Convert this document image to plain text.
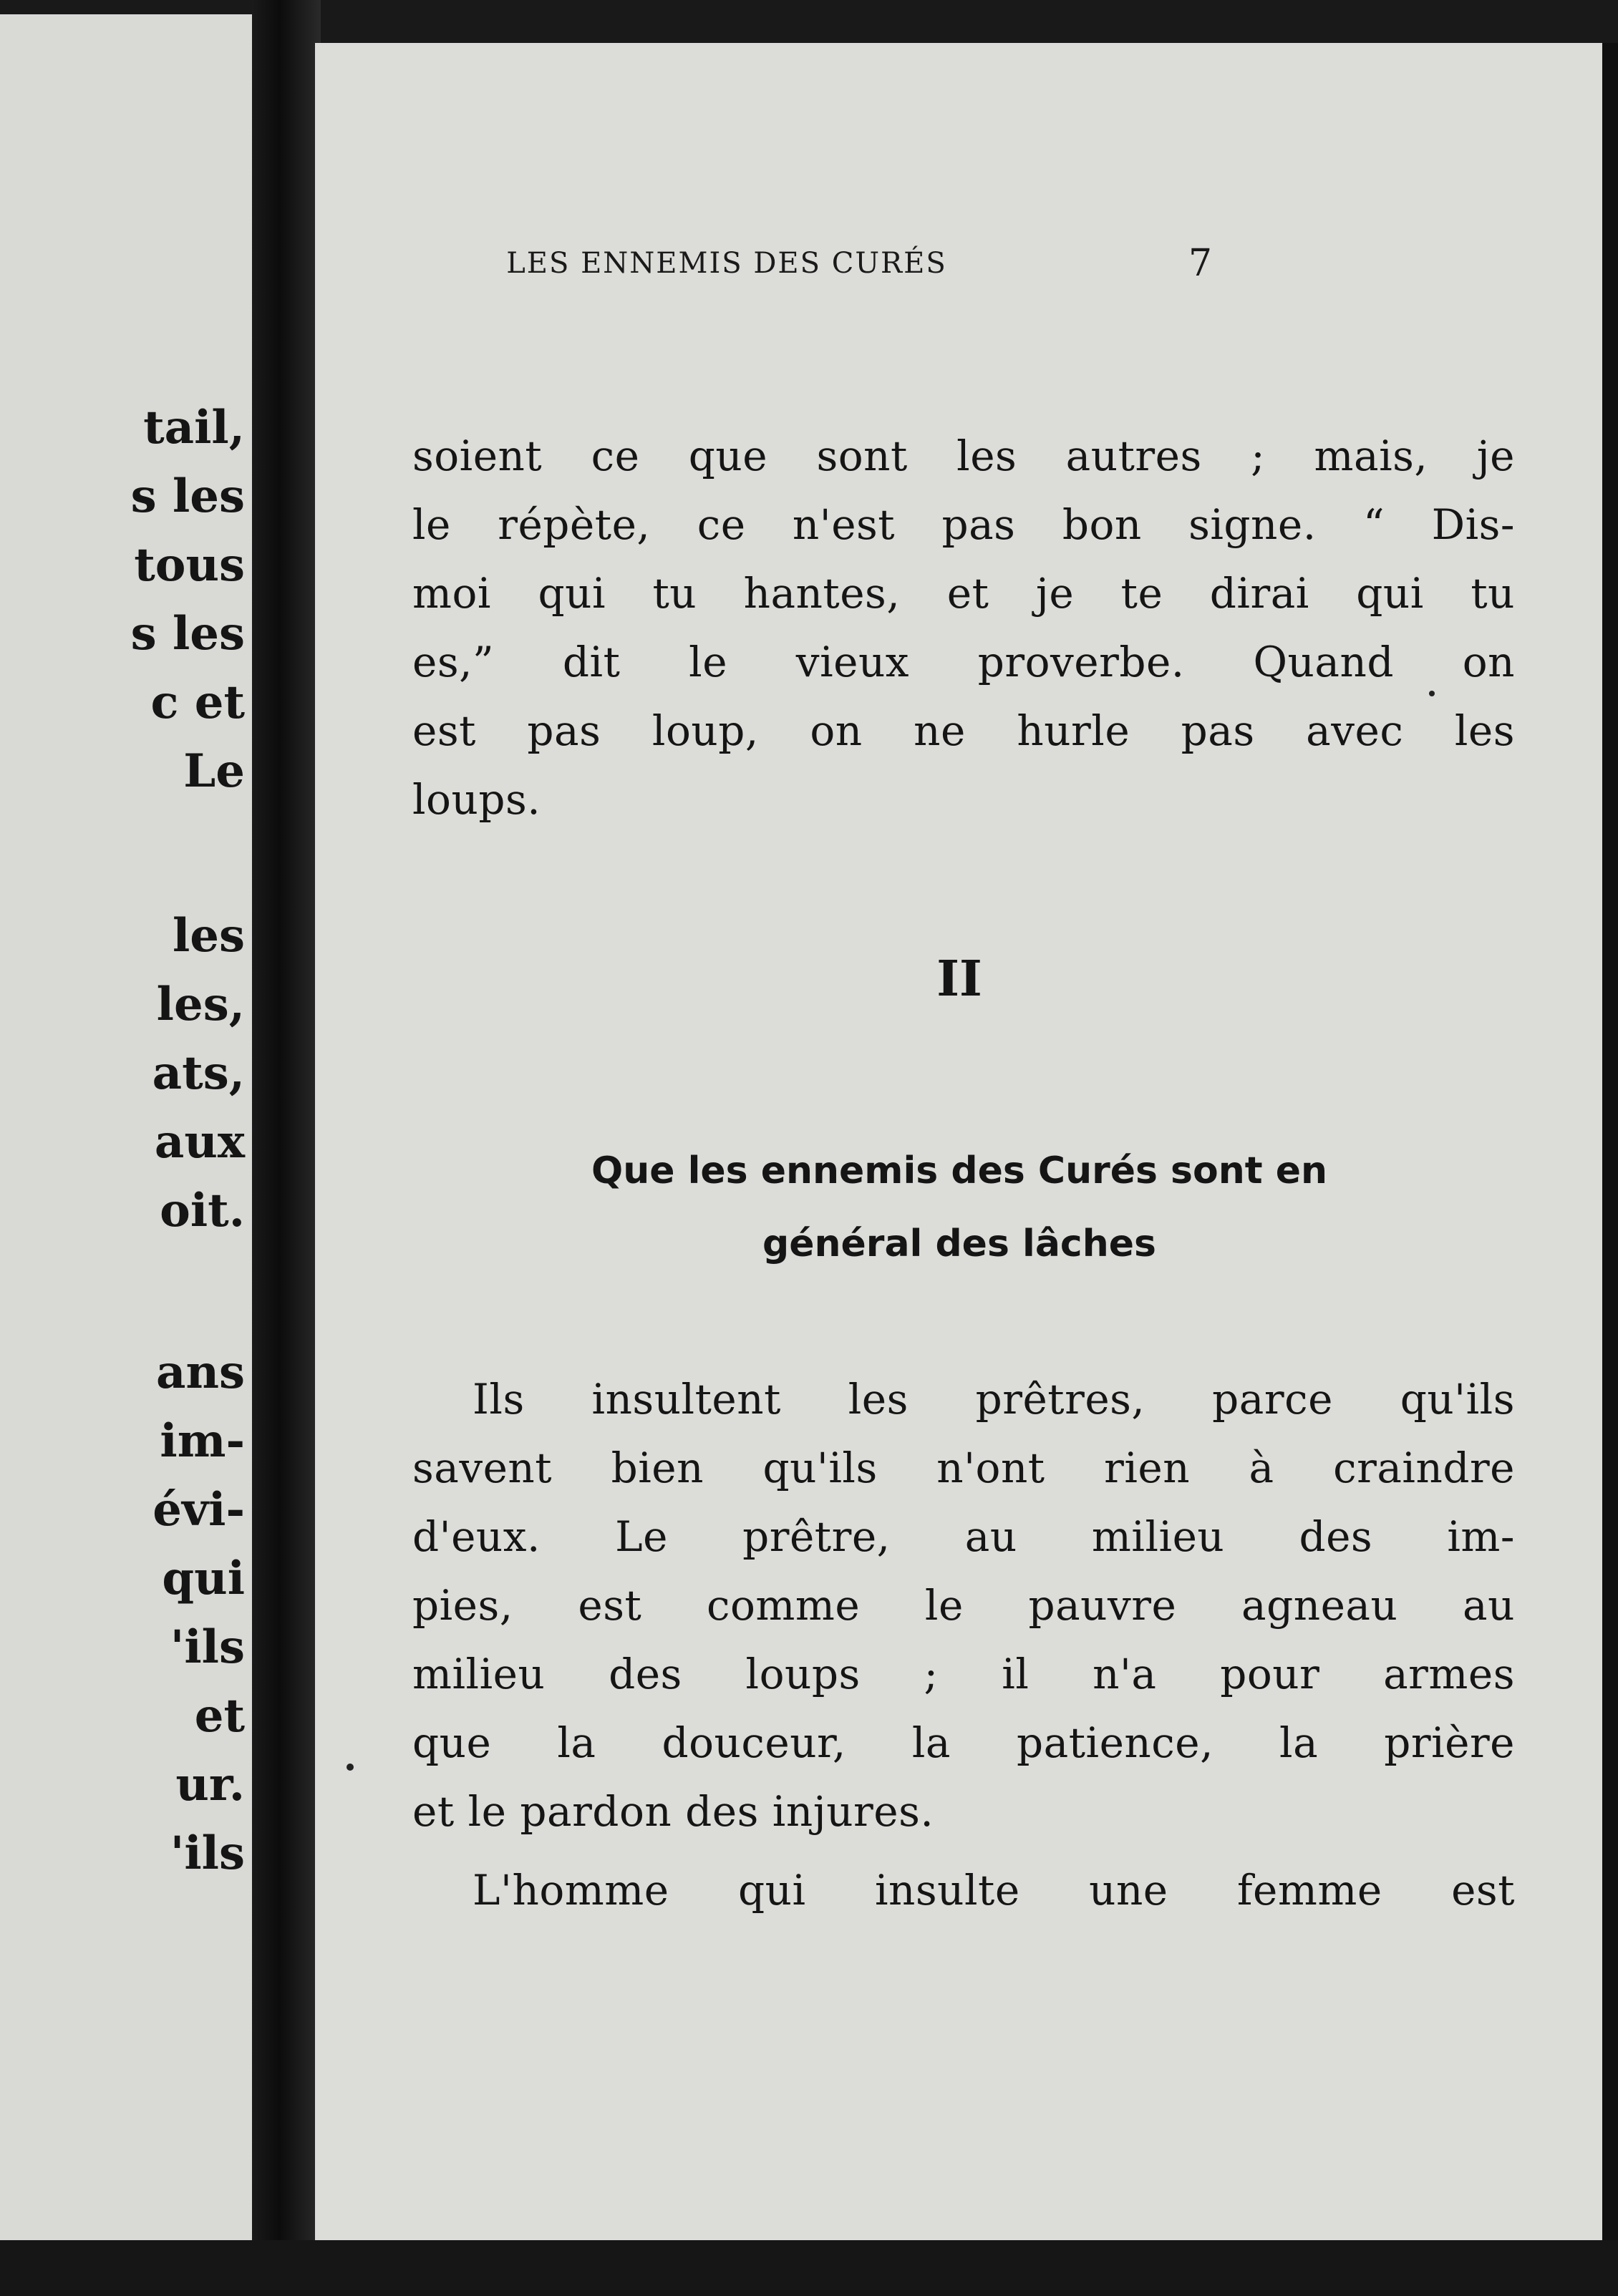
tail,

s les

tous

s les

c et

Le

les

les,

ats,

aux

oit.

ans

im-

évi-

qui

'ils

et

ur.

'ils

soient ce que sont les autres ; mais, je

le répète, ce n'est pas bon signe. “ Dis-

moi qui tu hantes, et je te dirai qui tu

es,” dit le vieux proverbe. Quand on

est pas loup, on ne hurle pas avec les

loups.

II

Que les ennemis des Curés sont en

général des lâches

Ils insultent les prêtres, parce qu'ils

savent bien qu'ils n'ont rien à craindre

d'eux. Le prêtre, au milieu des im-

pies, est comme le pauvre agneau au

milieu des loups ; il n'a pour armes

que la douceur, la patience, la prière

et le pardon des injures.

L'homme qui insulte une femme est

LES ENNEMIS DES CURÉS	7
